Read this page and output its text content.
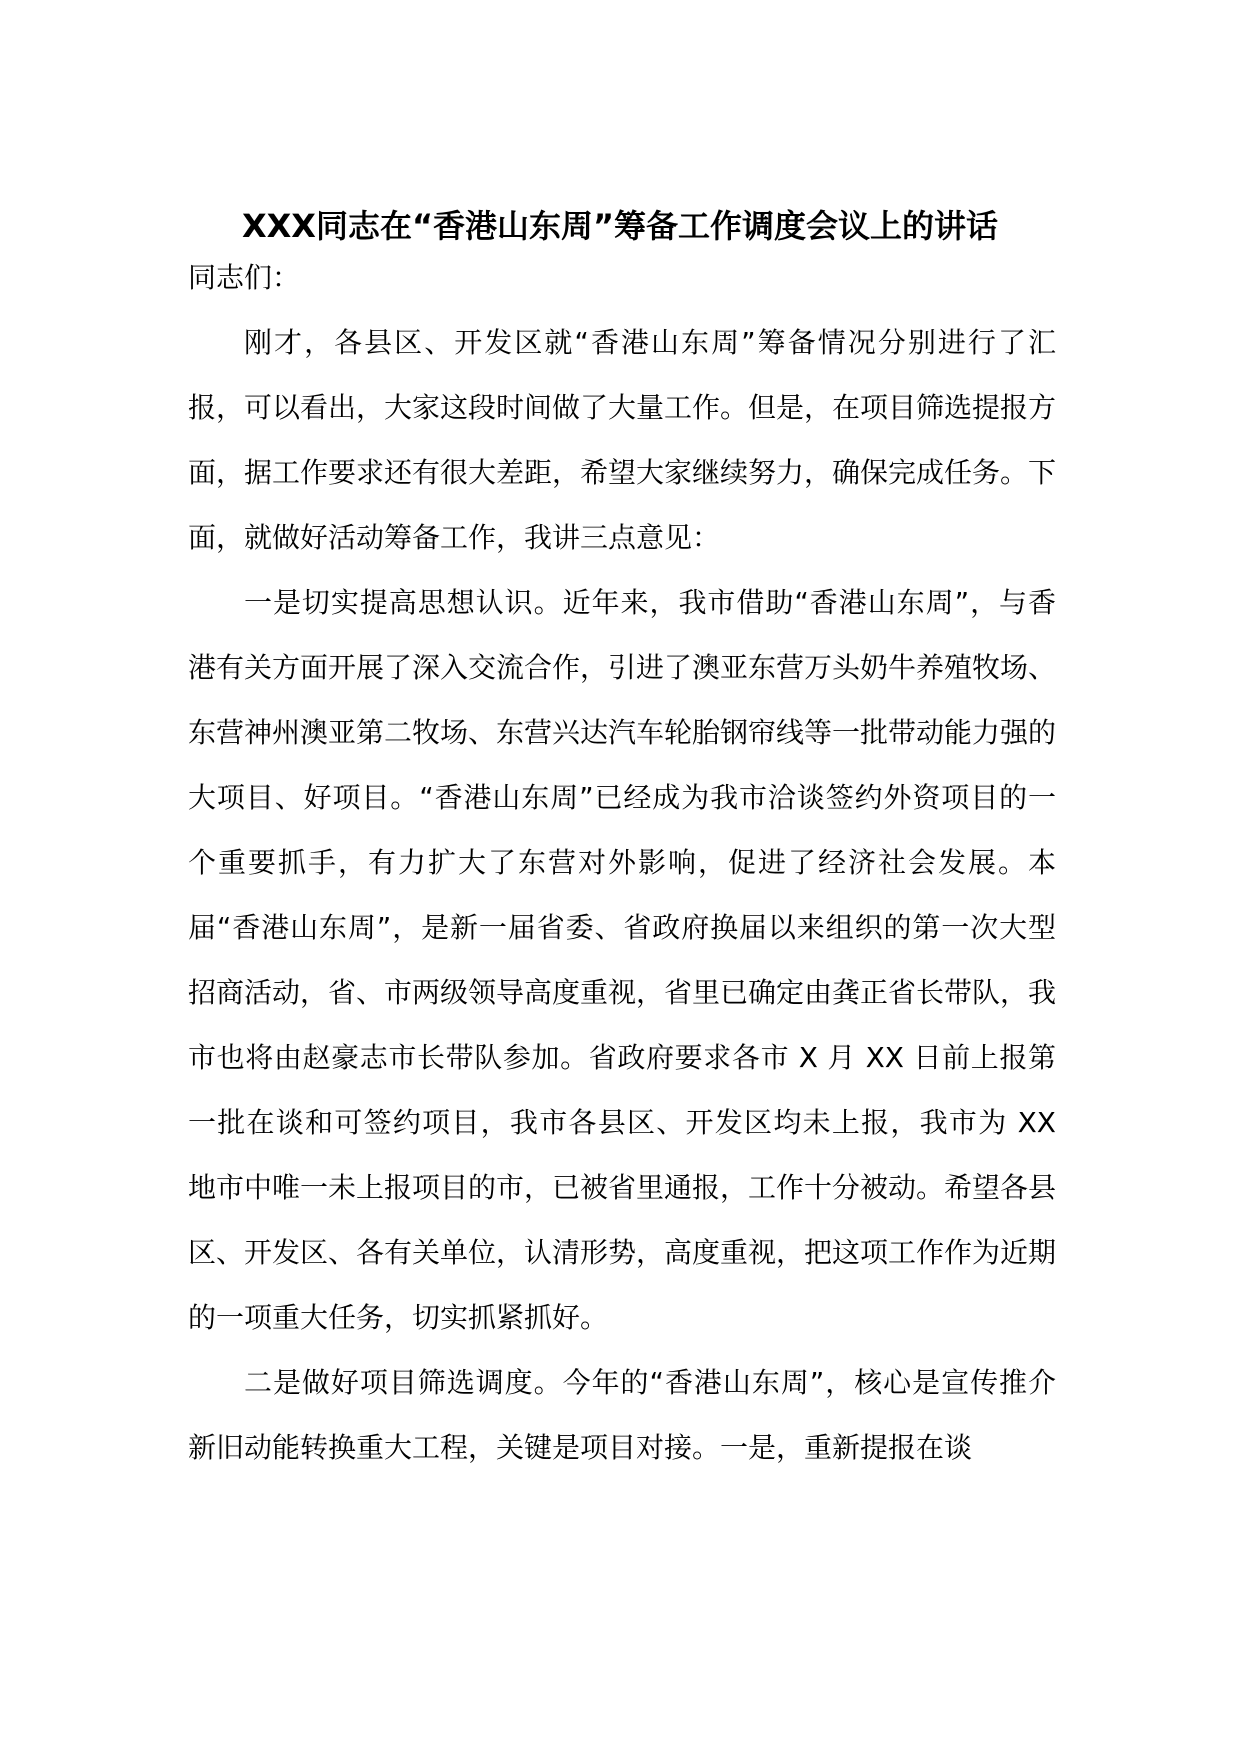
XXX同志在“香港山东周”筹备工作调度会议上的讲话

同志们：

刚才，各县区、开发区就“香港山东周”筹备情况分别进行了汇报，可以看出，大家这段时间做了大量工作。但是，在项目筛选提报方面，据工作要求还有很大差距，希望大家继续努力，确保完成任务。下面，就做好活动筹备工作，我讲三点意见：

一是切实提高思想认识。近年来，我市借助“香港山东周”，与香港有关方面开展了深入交流合作，引进了澳亚东营万头奶牛养殖牧场、东营神州澳亚第二牧场、东营兴达汽车轮胎钢帘线等一批带动能力强的大项目、好项目。“香港山东周”已经成为我市洽谈签约外资项目的一个重要抓手，有力扩大了东营对外影响，促进了经济社会发展。本届“香港山东周”，是新一届省委、省政府换届以来组织的第一次大型招商活动，省、市两级领导高度重视，省里已确定由龚正省长带队，我市也将由赵豪志市长带队参加。省政府要求各市 X 月 XX 日前上报第一批在谈和可签约项目，我市各县区、开发区均未上报，我市为 XX 地市中唯一未上报项目的市，已被省里通报，工作十分被动。希望各县区、开发区、各有关单位，认清形势，高度重视，把这项工作作为近期的一项重大任务，切实抓紧抓好。

二是做好项目筛选调度。今年的“香港山东周”，核心是宣传推介新旧动能转换重大工程，关键是项目对接。一是，重新提报在谈
